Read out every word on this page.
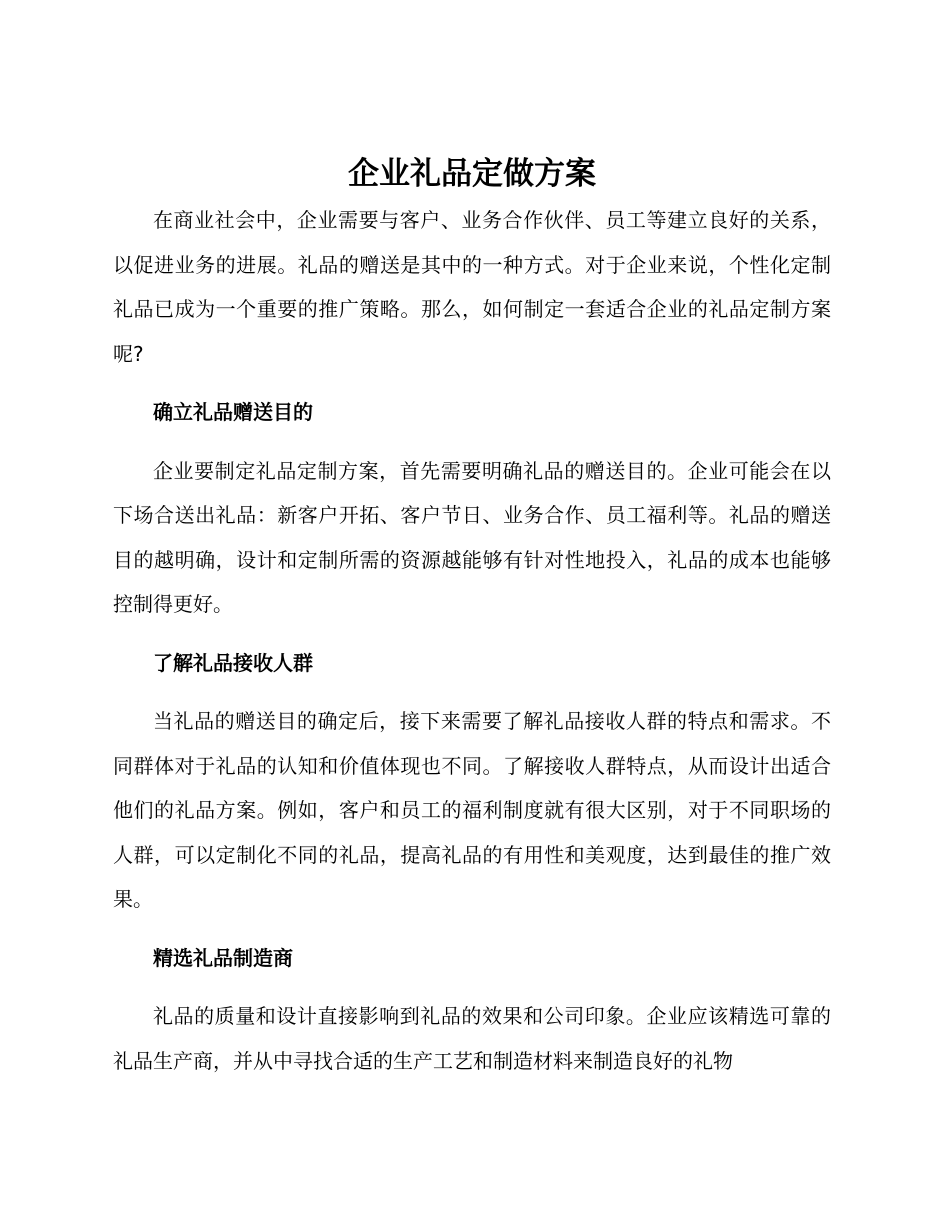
企业礼品定做方案

在商业社会中，企业需要与客户、业务合作伙伴、员工等建立良好的关系，以促进业务的进展。礼品的赠送是其中的一种方式。对于企业来说，个性化定制礼品已成为一个重要的推广策略。那么，如何制定一套适合企业的礼品定制方案呢?

确立礼品赠送目的

企业要制定礼品定制方案，首先需要明确礼品的赠送目的。企业可能会在以下场合送出礼品：新客户开拓、客户节日、业务合作、员工福利等。礼品的赠送目的越明确，设计和定制所需的资源越能够有针对性地投入，礼品的成本也能够控制得更好。

了解礼品接收人群

当礼品的赠送目的确定后，接下来需要了解礼品接收人群的特点和需求。不同群体对于礼品的认知和价值体现也不同。了解接收人群特点，从而设计出适合他们的礼品方案。例如，客户和员工的福利制度就有很大区别，对于不同职场的人群，可以定制化不同的礼品，提高礼品的有用性和美观度，达到最佳的推广效果。

精选礼品制造商

礼品的质量和设计直接影响到礼品的效果和公司印象。企业应该精选可靠的礼品生产商，并从中寻找合适的生产工艺和制造材料来制造良好的礼物
